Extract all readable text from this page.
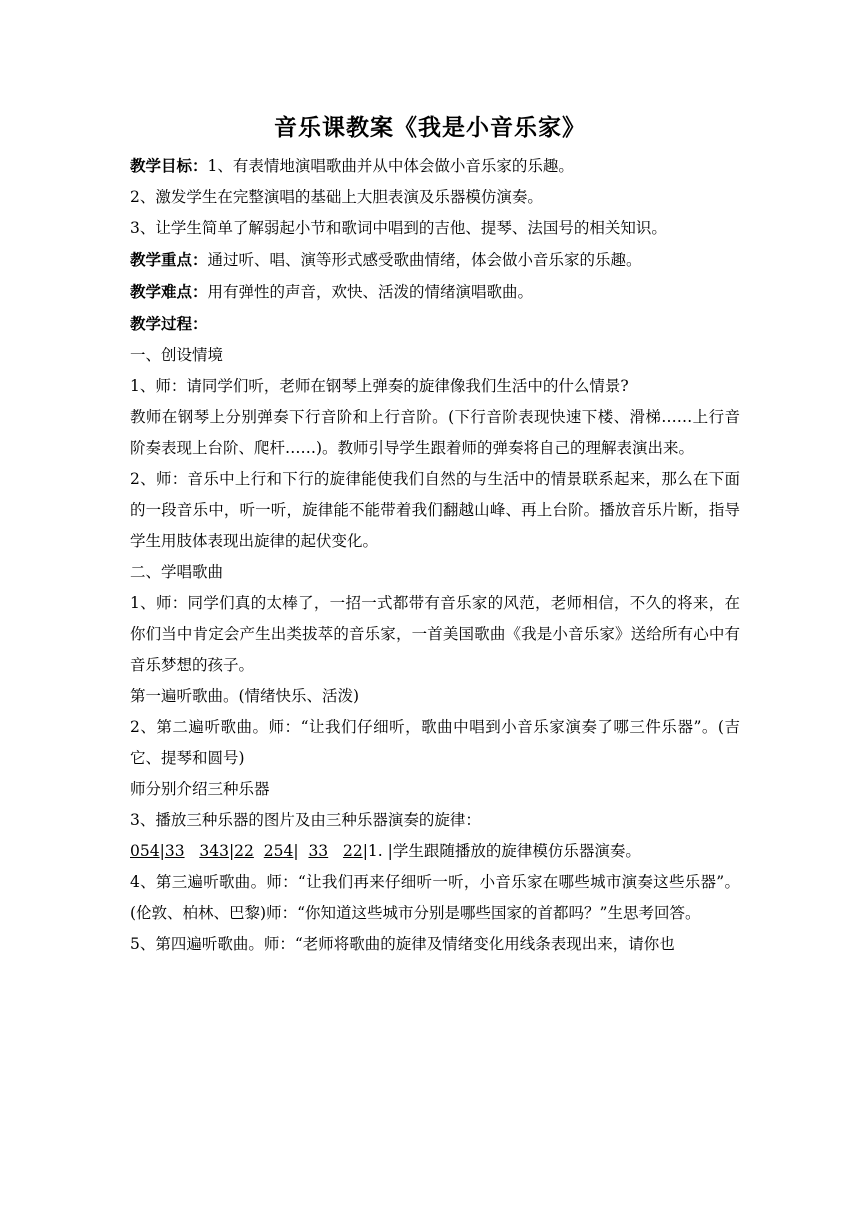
音乐课教案《我是小音乐家》

教学目标：1、有表情地演唱歌曲并从中体会做小音乐家的乐趣。

2、激发学生在完整演唱的基础上大胆表演及乐器模仿演奏。

3、让学生简单了解弱起小节和歌词中唱到的吉他、提琴、法国号的相关知识。

教学重点：通过听、唱、演等形式感受歌曲情绪，体会做小音乐家的乐趣。

教学难点：用有弹性的声音，欢快、活泼的情绪演唱歌曲。

教学过程：

一、创设情境

1、师：请同学们听，老师在钢琴上弹奏的旋律像我们生活中的什么情景?

教师在钢琴上分别弹奏下行音阶和上行音阶。(下行音阶表现快速下楼、滑梯……上行音阶奏表现上台阶、爬杆……)。教师引导学生跟着师的弹奏将自己的理解表演出来。

2、师：音乐中上行和下行的旋律能使我们自然的与生活中的情景联系起来，那么在下面的一段音乐中，听一听，旋律能不能带着我们翻越山峰、再上台阶。播放音乐片断，指导学生用肢体表现出旋律的起伏变化。

二、学唱歌曲

1、师：同学们真的太棒了，一招一式都带有音乐家的风范，老师相信，不久的将来，在你们当中肯定会产生出类拔萃的音乐家，一首美国歌曲《我是小音乐家》送给所有心中有音乐梦想的孩子。

第一遍听歌曲。(情绪快乐、活泼)

2、第二遍听歌曲。师：“让我们仔细听，歌曲中唱到小音乐家演奏了哪三件乐器”。(吉它、提琴和圆号)

师分别介绍三种乐器

3、播放三种乐器的图片及由三种乐器演奏的旋律：

054|33 343|22 254|  33 22|1. |学生跟随播放的旋律模仿乐器演奏。

4、第三遍听歌曲。师：“让我们再来仔细听一听，小音乐家在哪些城市演奏这些乐器”。(伦敦、柏林、巴黎)师：“你知道这些城市分别是哪些国家的首都吗？”生思考回答。

5、第四遍听歌曲。师：“老师将歌曲的旋律及情绪变化用线条表现出来，请你也
